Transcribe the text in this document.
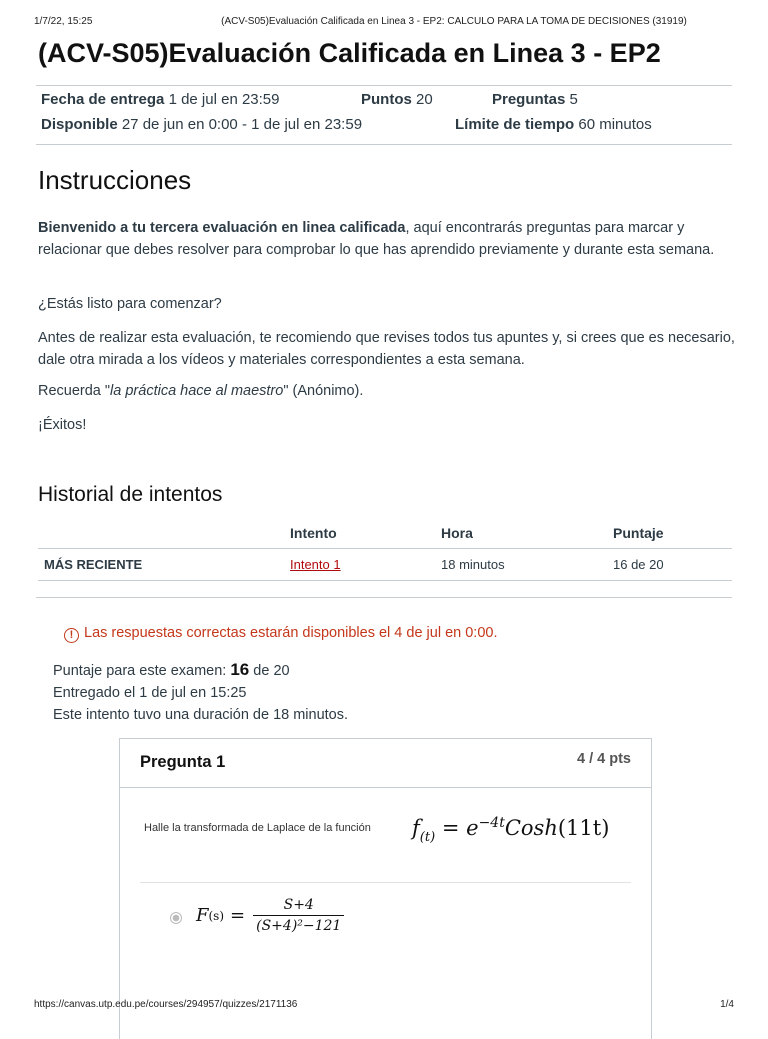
1/7/22, 15:25	(ACV-S05)Evaluación Calificada en Linea 3 - EP2: CALCULO PARA LA TOMA DE DECISIONES (31919)
(ACV-S05)Evaluación Calificada en Linea 3 - EP2
Fecha de entrega 1 de jul en 23:59	Puntos 20	Preguntas 5
Disponible 27 de jun en 0:00 - 1 de jul en 23:59	Límite de tiempo 60 minutos
Instrucciones

Bienvenido a tu tercera evaluación en linea calificada, aquí encontrarás preguntas para marcar y relacionar que debes resolver para comprobar lo que has aprendido previamente y durante esta semana.

¿Estás listo para comenzar?

Antes de realizar esta evaluación, te recomiendo que revises todos tus apuntes y, si crees que es necesario, dale otra mirada a los vídeos y materiales correspondientes a esta semana.

Recuerda "la práctica hace al maestro" (Anónimo).

¡Éxitos!

Historial de intentos
	Intento	Hora	Puntaje
MÁS RECIENTE	Intento 1	18 minutos	16 de 20
! Las respuestas correctas estarán disponibles el 4 de jul en 0:00.
Puntaje para este examen: 16 de 20
Entregado el 1 de jul en 15:25
Este intento tuvo una duración de 18 minutos.
Pregunta 1	4 / 4 pts
Halle la transformada de Laplace de la función $f_{(t)}$ = $e^{-4t}Cosh(11t)$
F $(s) = \frac{S+4}{\text{(S+4)²−121}}$
https://canvas.utp.edu.pe/courses/294957/quizzes/2171136	1/4
